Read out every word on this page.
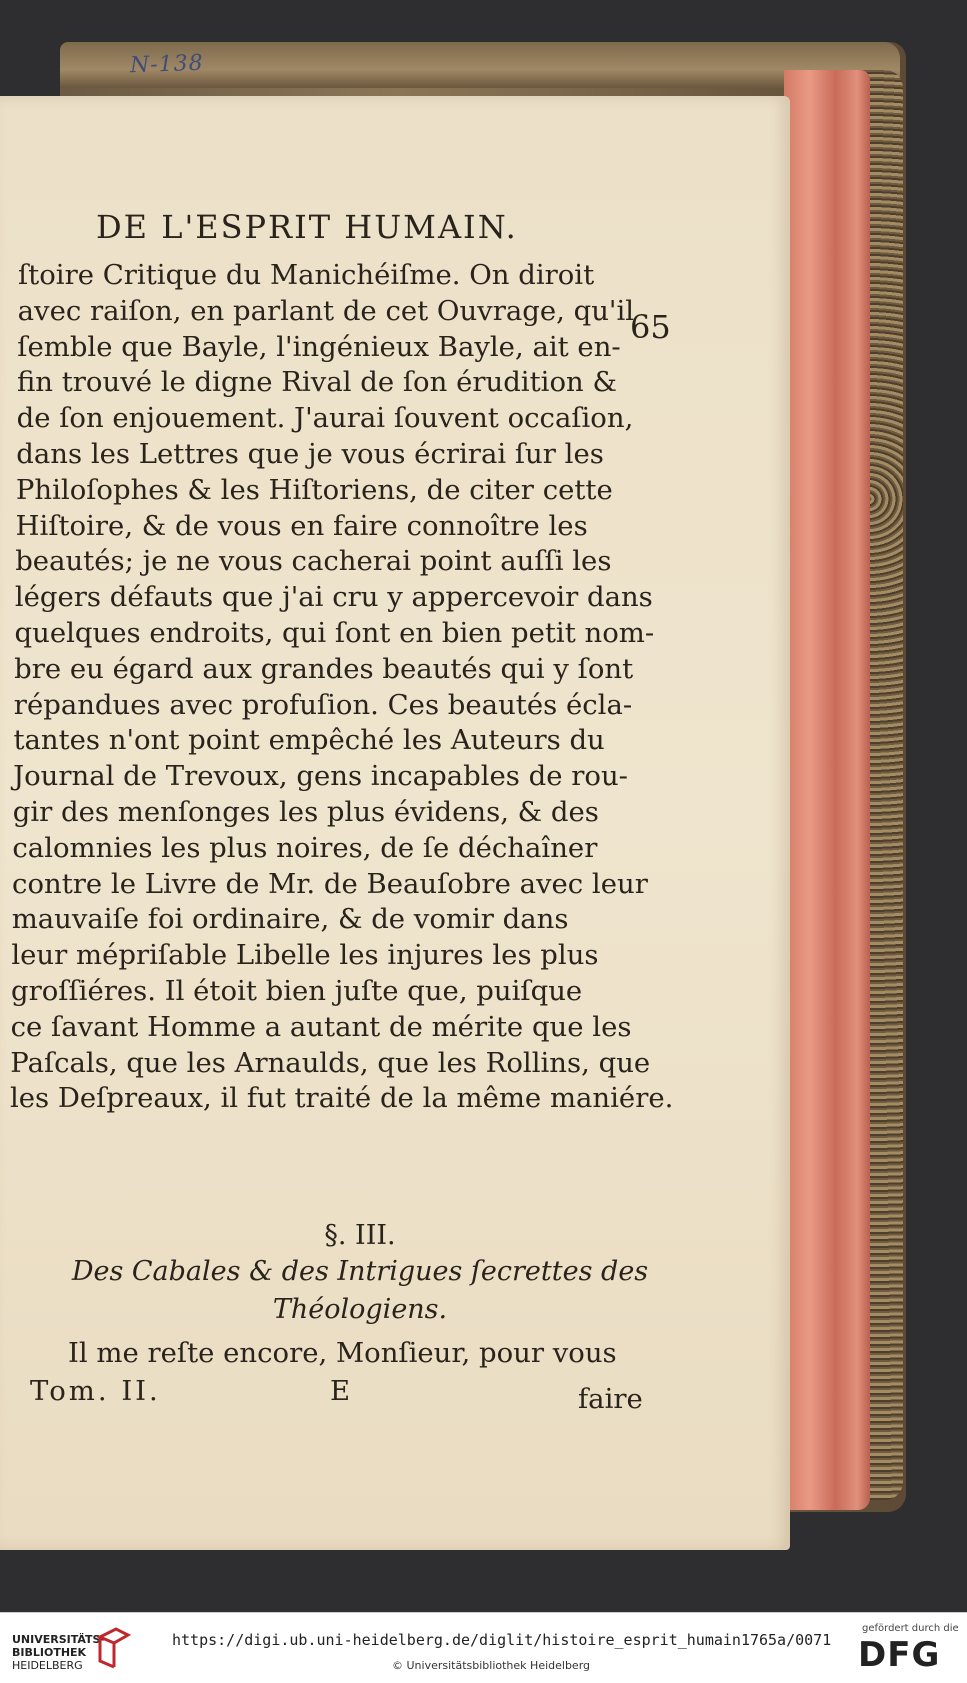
N-138
DE L'ESPRIT HUMAIN.
65
ſtoire Critique du Manichéiſme. On diroit
avec raiſon, en parlant de cet Ouvrage, qu'il
ſemble que Bayle, l'ingénieux Bayle, ait en-
fin trouvé le digne Rival de ſon érudition &
de ſon enjouement. J'aurai ſouvent occaſion,
dans les Lettres que je vous écrirai ſur les
Philoſophes & les Hiſtoriens, de citer cette
Hiſtoire, & de vous en faire connoître les
beautés; je ne vous cacherai point auſſi les
légers défauts que j'ai cru y appercevoir dans
quelques endroits, qui ſont en bien petit nom-
bre eu égard aux grandes beautés qui y ſont
répandues avec profuſion. Ces beautés écla-
tantes n'ont point empêché les Auteurs du
Journal de Trevoux, gens incapables de rou-
gir des menſonges les plus évidens, & des
calomnies les plus noires, de ſe déchaîner
contre le Livre de Mr. de Beauſobre avec leur
mauvaiſe foi ordinaire, & de vomir dans
leur mépriſable Libelle les injures les plus
groſſiéres. Il étoit bien juſte que, puiſque
ce ſavant Homme a autant de mérite que les
Paſcals, que les Arnaulds, que les Rollins, que
les Deſpreaux, il fut traité de la même maniére.
§. III.
Des Cabales & des Intrigues ſecrettes des
Théologiens.
Il me reſte encore, Monſieur, pour vous
Tom. II.	E	faire
UNIVERSITÄTS-
BIBLIOTHEK
HEIDELBERG
https://digi.ub.uni-heidelberg.de/diglit/histoire_esprit_humain1765a/0071
© Universitätsbibliothek Heidelberg
gefördert durch die
DFG
